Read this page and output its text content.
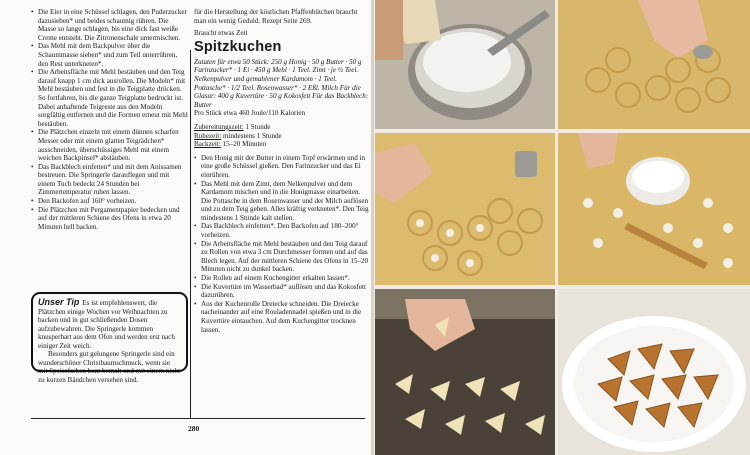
• Die Eier in eine Schüssel schlagen, den Puderzucker dazusieben* und beides schaumig rühren. Die Masse so lange schlagen, bis eine dick fast weiße Creme entsteht. Die Zitronenschale untermischen.
• Das Mehl mit dem Backpulver über die Schaummasse sieben* und zum Teil unterrühren, den Rest unterkneten*.
• Die Arbeitsfläche mit Mehl bestäuben und den Teig darauf knapp 1 cm dick ausrollen. Die Modeln* mit Mehl bestäuben und fest in die Teigplatte drücken. So fortfahren, bis die ganze Teigplatte bedruckt ist. Dabei anhaftende Teigreste aus den Modeln sorgfältig entfernen und die Formen erneut mit Mehl bestäuben.
• Die Plätzchen einzeln mit einem dünnen scharfen Messer oder mit einem glatten Teigrädchen* ausschneiden, überschüssiges Mehl mit einem weichen Backpinsel* abstäuben.
• Das Backblech einfetten* und mit dem Anissamen bestreuen. Die Springerle darauflegen und mit einem Tuch bedeckt 24 Stunden bei Zimmertemperatur ruhen lassen.
• Den Backofen auf 160° vorheizen.
• Die Plätzchen mit Pergamentpapier bedecken und auf der mittleren Schiene des Ofens in etwa 20 Minuten hell backen.

Unser Tip Es ist empfehlenswert, die Plätzchen einige Wochen vor Weihnachten zu backen und in gut schließenden Dosen aufzubewahren. Die Springerle kommen knusperhart aus dem Ofen und werden erst nach einiger Zeit weich.

Besonders gut gelungene Springerle sind ein wunderschöner Christbaumschmuck, wenn sie mit Speisefarben bunt bemalt und mit einem nicht zu kurzen Bändchen versehen sind.

280

für die Herstellung der köstlichen Pfaffenbütchen braucht man ein wenig Geduld. Rezept Seite 269.

Braucht etwas Zeit

Spitzkuchen

Zutaten für etwa 50 Stück: 250 g Honig · 50 g Butter · 50 g Farinzucker* · 1 Ei · 450 g Mehl · 1 Teel. Zimt · je ½ Teel. Nelkenpulver und gemahlener Kardamom · 1 Teel. Pottasche* · 1/2 Teel. Rosenwasser* · 2 Eßl. Milch Für die Glasur: 400 g Kuvertüre · 50 g Kokosfett Für das Backblech: Butter

Pro Stück etwa 460 Joule/110 Kalorien

Zubereitungszeit: 1 Stunde
Ruhezeit: mindestens 1 Stunde
Backzeit: 15–20 Minuten
• Den Honig mit der Butter in einem Topf erwärmen und in eine große Schüssel gießen. Den Farinzucker und das Ei einrühren.
• Das Mehl mit dem Zimt, dem Nelkenpulver und dem Kardamom mischen und in die Honigmasse einarbeiten. Die Pottasche in dem Rosenwasser und der Milch auflösen und zu dem Teig geben. Alles kräftig verkneten*. Den Teig mindestens 1 Stunde kalt stellen.
• Das Backblech einfetten*. Den Backofen auf 180–200° vorheizen.
• Die Arbeitsfläche mit Mehl bestäuben und den Teig darauf zu Rollen von etwa 3 cm Durchmesser formen und auf das Blech legen. Auf der mittleren Schiene des Ofens in 15–20 Minuten nicht zu dunkel backen.
• Die Rollen auf einem Kuchengitter erkalten lassen*.
• Die Kuvertüre im Wasserbad* auflösen und das Kokosfett dazurühren.
• Aus der Kuchenrolle Dreiecke schneiden. Die Dreiecke nacheinander auf eine Rouladennadel spießen und in die Kuvertüre eintauchen. Auf dem Kuchengitter trocknen lassen.
